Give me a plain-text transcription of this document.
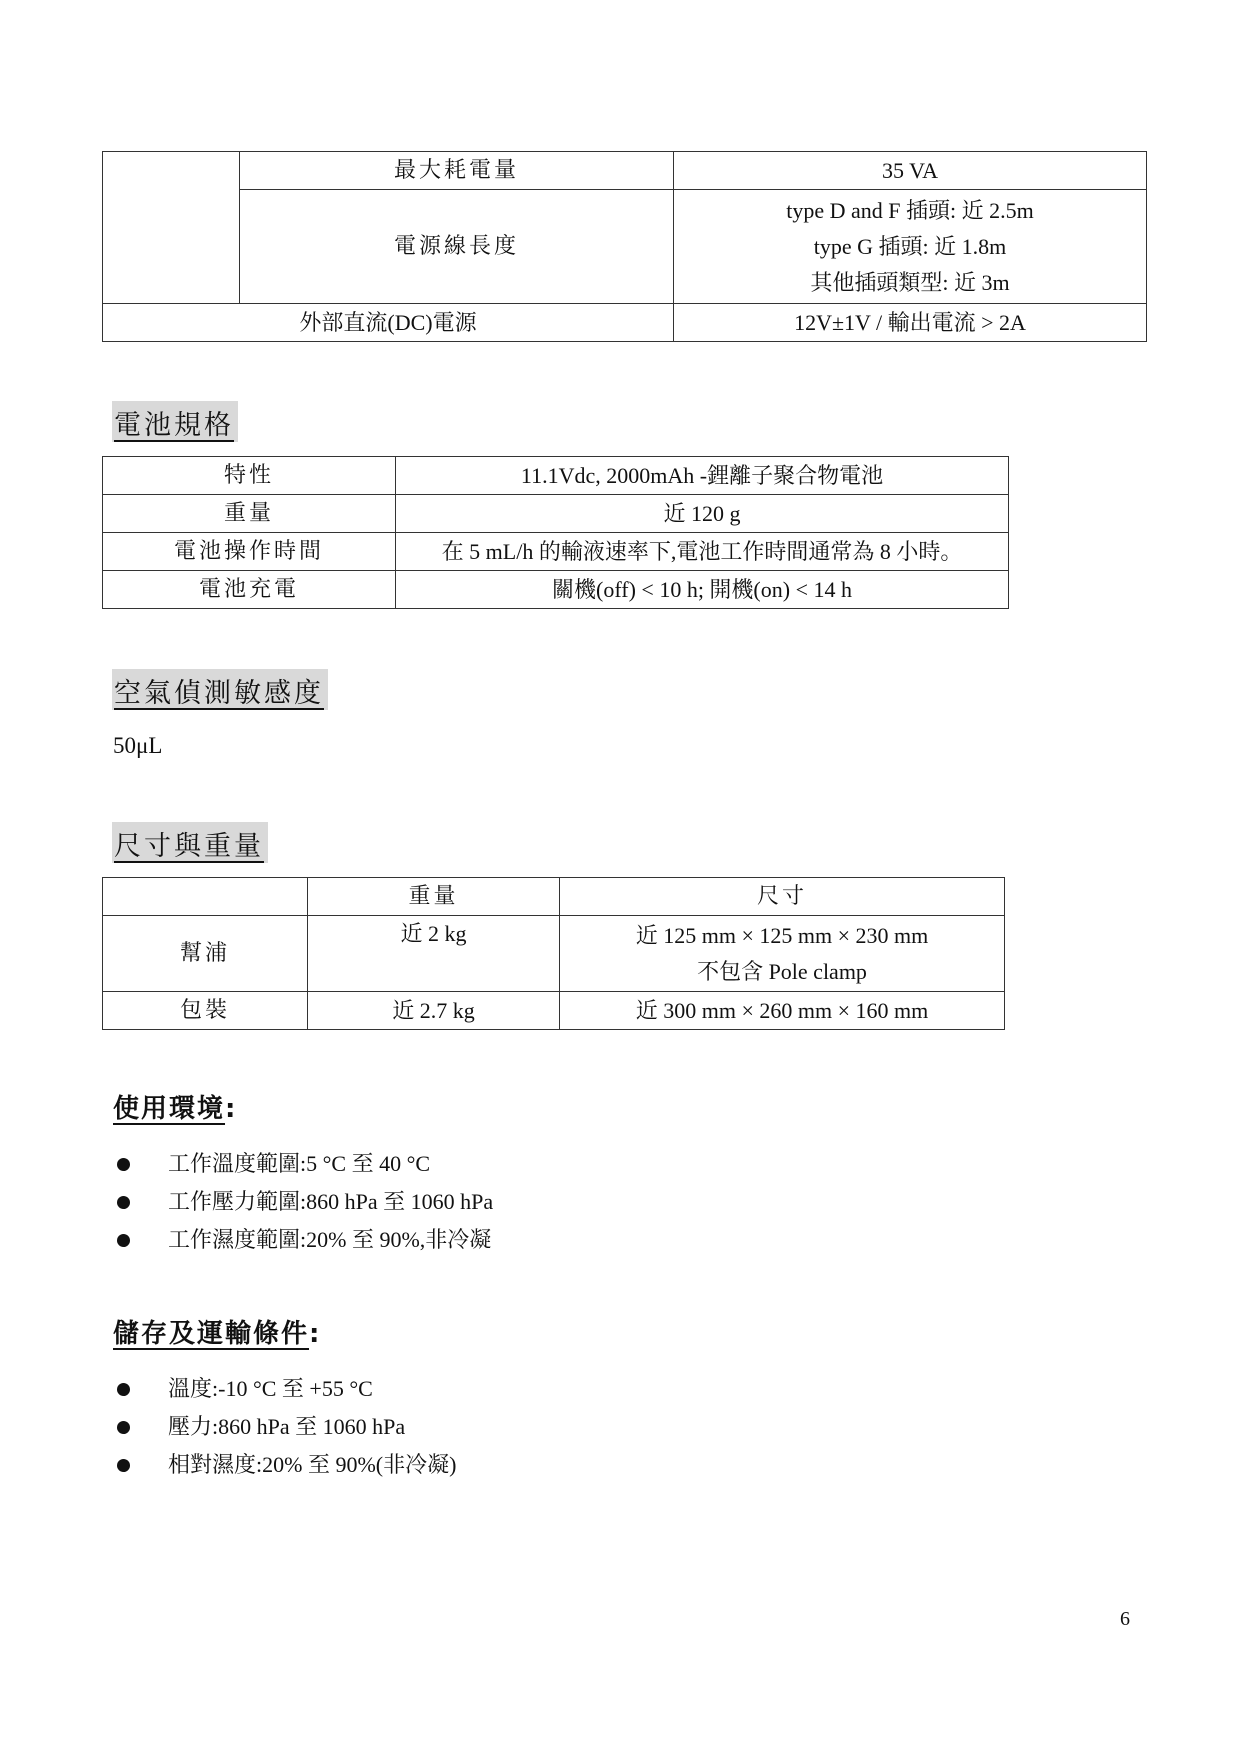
	最大耗電量	35 VA
	電源線長度	type D and F 插頭: 近 2.5m
type G 插頭: 近 1.8m
其他插頭類型: 近 3m

外部直流(DC)電源		12V±1V / 輸出電流 > 2A
電池規格
特性	11.1Vdc, 2000mAh -鋰離子聚合物電池
重量	近 120 g
電池操作時間	在 5 mL/h 的輸液速率下,電池工作時間通常為 8 小時。
電池充電	關機(off) < 10 h; 開機(on) < 14 h
空氣偵測敏感度
50μL
尺寸與重量
	重量	尺寸
幫浦	近 2 kg	近 125 mm × 125 mm × 230 mm
不包含 Pole clamp

包裝	近 2.7 kg	近 300 mm × 260 mm × 160 mm
使用環境:
工作溫度範圍:5 °C 至 40 °C
工作壓力範圍:860 hPa 至 1060 hPa
工作濕度範圍:20% 至 90%,非冷凝
儲存及運輸條件:
溫度:-10 °C 至 +55 °C
壓力:860 hPa 至 1060 hPa
相對濕度:20% 至 90%(非冷凝)
6
